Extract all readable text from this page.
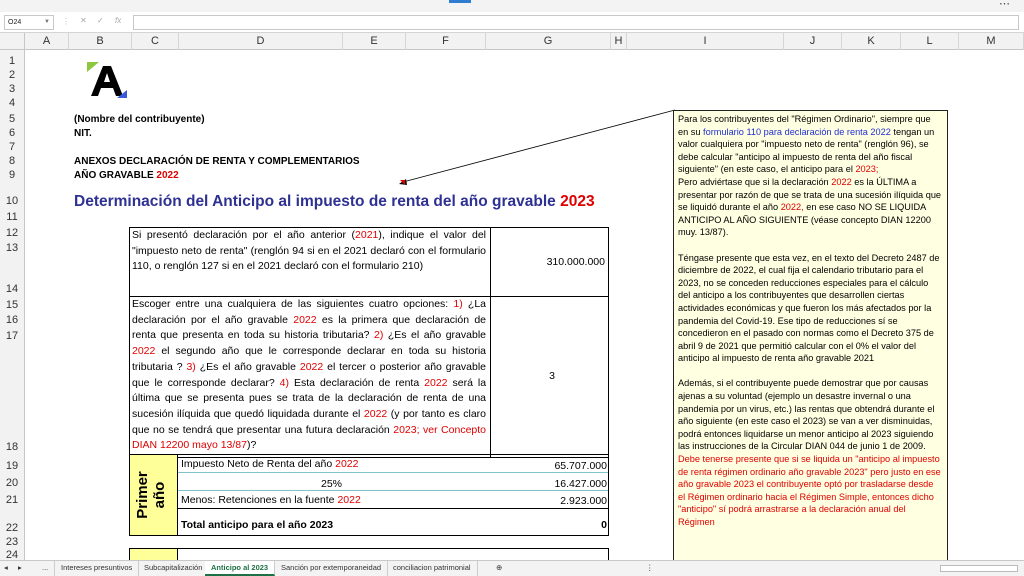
⋯
O24	▼ ⋮ ✕ ✓ fx
A	B	C	D	E	F	G	H	I	J	K	L	M
1
2
3
4
5
6
7
8
9
10
11
12
13
14
15
16
17
18
19
20
21
22
23
24
(Nombre del contribuyente)
NIT.
ANEXOS DECLARACIÓN DE RENTA Y COMPLEMENTARIOS
AÑO GRAVABLE 2022
Determinación del Anticipo al impuesto de renta del año gravable 2023
Si presentó declaración por el año anterior (2021), indique el valor del "impuesto neto de renta" (renglón 94 si en el 2021 declaró con el formulario 110, o renglón 127 si en el 2021 declaró con el formulario 210)	310.000.000
Escoger entre una cualquiera de las siguientes cuatro opciones: 1) ¿La declaración por el año gravable 2022 es la primera que declaración de renta que presenta en toda su historia tributaria? 2) ¿Es el año gravable 2022 el segundo año que le corresponde declarar en toda su historia tributaria ? 3) ¿Es el año gravable 2022 el tercer o posterior año gravable que le corresponde declarar? 4) Esta declaración de renta 2022 será la última que se presenta pues se trata de la declaración de renta de una sucesión ilíquida que quedó liquidada durante el 2022 (y por tanto es claro que no se tendrá que presentar una futura declaración 2023; ver Concepto DIAN 12200 mayo 13/87)?
3
Primer año
Impuesto Neto de Renta del año 2022	65.707.000
25%	16.427.000
Menos: Retenciones en la fuente 2022	2.923.000
Total anticipo para el año 2023	0

Para los contribuyentes del "Régimen Ordinario", siempre que en su formulario 110 para declaración de renta 2022 tengan un valor cualquiera por "impuesto neto de renta" (renglón 96), se debe calcular "anticipo al impuesto de renta del año fiscal siguiente" (en este caso, el anticipo para el 2023;
Pero adviértase que si la declaración 2022 es la ÚLTIMA a presentar por razón de que se trata de una sucesión ilíquida que se liquidó durante el año 2022, en ese caso NO SE LIQUIDA ANTICIPO AL AÑO SIGUIENTE (véase concepto DIAN 12200 muy. 13/87).

Téngase presente que esta vez, en el texto del Decreto 2487 de diciembre de 2022, el cual fija el calendario tributario para el 2023, no se conceden reducciones especiales para el cálculo del anticipo a los contribuyentes que desarrollen ciertas actividades económicas y que fueron los más afectados por la pandemia del Covid-19. Ese tipo de reducciones sí se concedieron en el pasado con normas como el Decreto 375 de abril 9 de 2021 que permitió calcular con el 0% el valor del anticipo al impuesto de renta año gravable 2021

Además, si el contribuyente puede demostrar que por causas ajenas a su voluntad (ejemplo un desastre invernal o una pandemia por un virus, etc.) las rentas que obtendrá durante el año siguiente (en este caso el 2023) se van a ver disminuidas, podrá entonces liquidarse un menor anticipo al 2023 siguiendo las instrucciones de la Circular DIAN 044 de junio 1 de 2009. Debe tenerse presente que si se liquida un "anticipo al impuesto de renta régimen ordinario año gravable 2023" pero justo en ese año gravable 2023 el contribuyente optó por trasladarse desde el Régimen ordinario hacia el Régimen Simple, entonces dicho "anticipo" sí podrá arrastrarse a la declaración anual del Régimen

◂ ▸	...	Intereses presuntivos	Subcapitalización	Anticipo al 2023	Sanción por extemporaneidad	conciliacion patrimonial	⊕	⋮
